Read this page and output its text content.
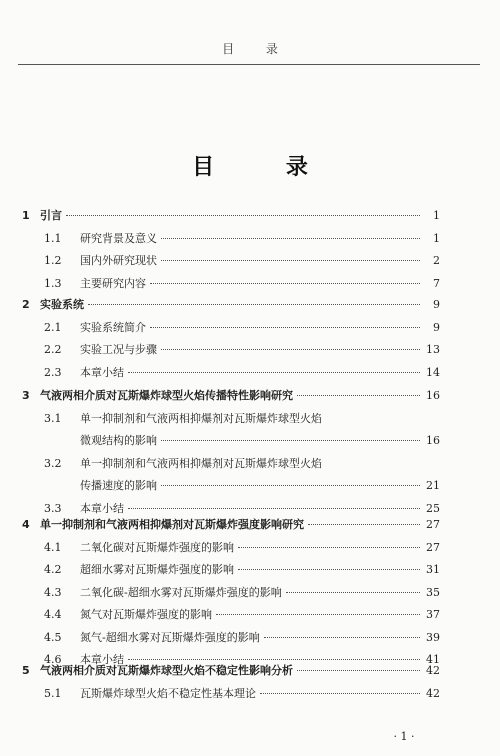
目 录
目 录
1 引言	1
1.1	研究背景及意义	1
1.2	国内外研究现状	2
1.3	主要研究内容	7
2 实验系统	9
2.1	实验系统简介	9
2.2	实验工况与步骤	13
2.3	本章小结	14
3 气液两相介质对瓦斯爆炸球型火焰传播特性影响研究	16
3.1	单一抑制剂和气液两相抑爆剂对瓦斯爆炸球型火焰
微观结构的影响	16
3.2	单一抑制剂和气液两相抑爆剂对瓦斯爆炸球型火焰
传播速度的影响	21
3.3	本章小结	25
4 单一抑制剂和气液两相抑爆剂对瓦斯爆炸强度影响研究	27
4.1	二氧化碳对瓦斯爆炸强度的影响	27
4.2	超细水雾对瓦斯爆炸强度的影响	31
4.3	二氧化碳-超细水雾对瓦斯爆炸强度的影响	35
4.4	氮气对瓦斯爆炸强度的影响	37
4.5	氮气-超细水雾对瓦斯爆炸强度的影响	39
4.6	本章小结	41
5 气液两相介质对瓦斯爆炸球型火焰不稳定性影响分析	42
5.1	瓦斯爆炸球型火焰不稳定性基本理论	42
· 1 ·
